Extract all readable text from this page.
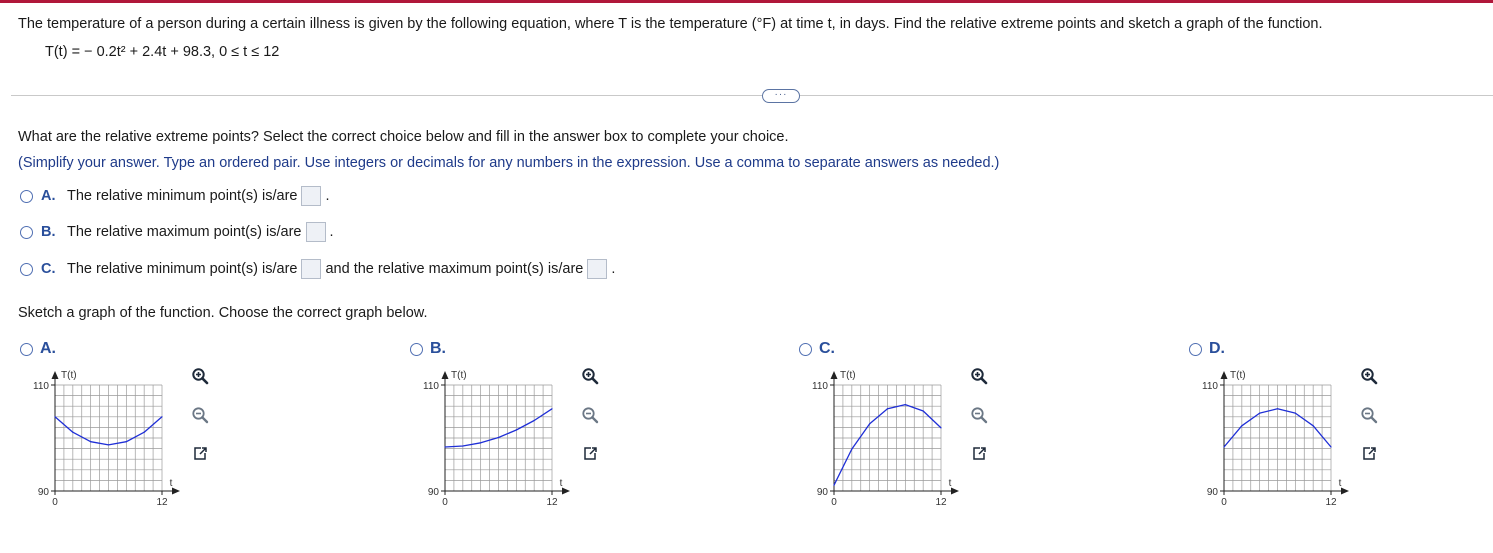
The temperature of a person during a certain illness is given by the following equation, where T is the temperature (°F) at time t, in days. Find the relative extreme points and sketch a graph of the function.
T(t) = − 0.2t² + 2.4t + 98.3, 0 ≤ t ≤ 12
···
What are the relative extreme points? Select the correct choice below and fill in the answer box to complete your choice.
(Simplify your answer. Type an ordered pair. Use integers or decimals for any numbers in the expression. Use a comma to separate answers as needed.)
A. The relative minimum point(s) is/are .
B. The relative maximum point(s) is/are .
C. The relative minimum point(s) is/are and the relative maximum point(s) is/are .
Sketch a graph of the function. Choose the correct graph below.
A.
T(t)
110
90
0	12
t
B.
T(t)
110
90
0	12
t
C.
T(t)
110
90
0	12
t
D.
T(t)
110
90
0	12
t
